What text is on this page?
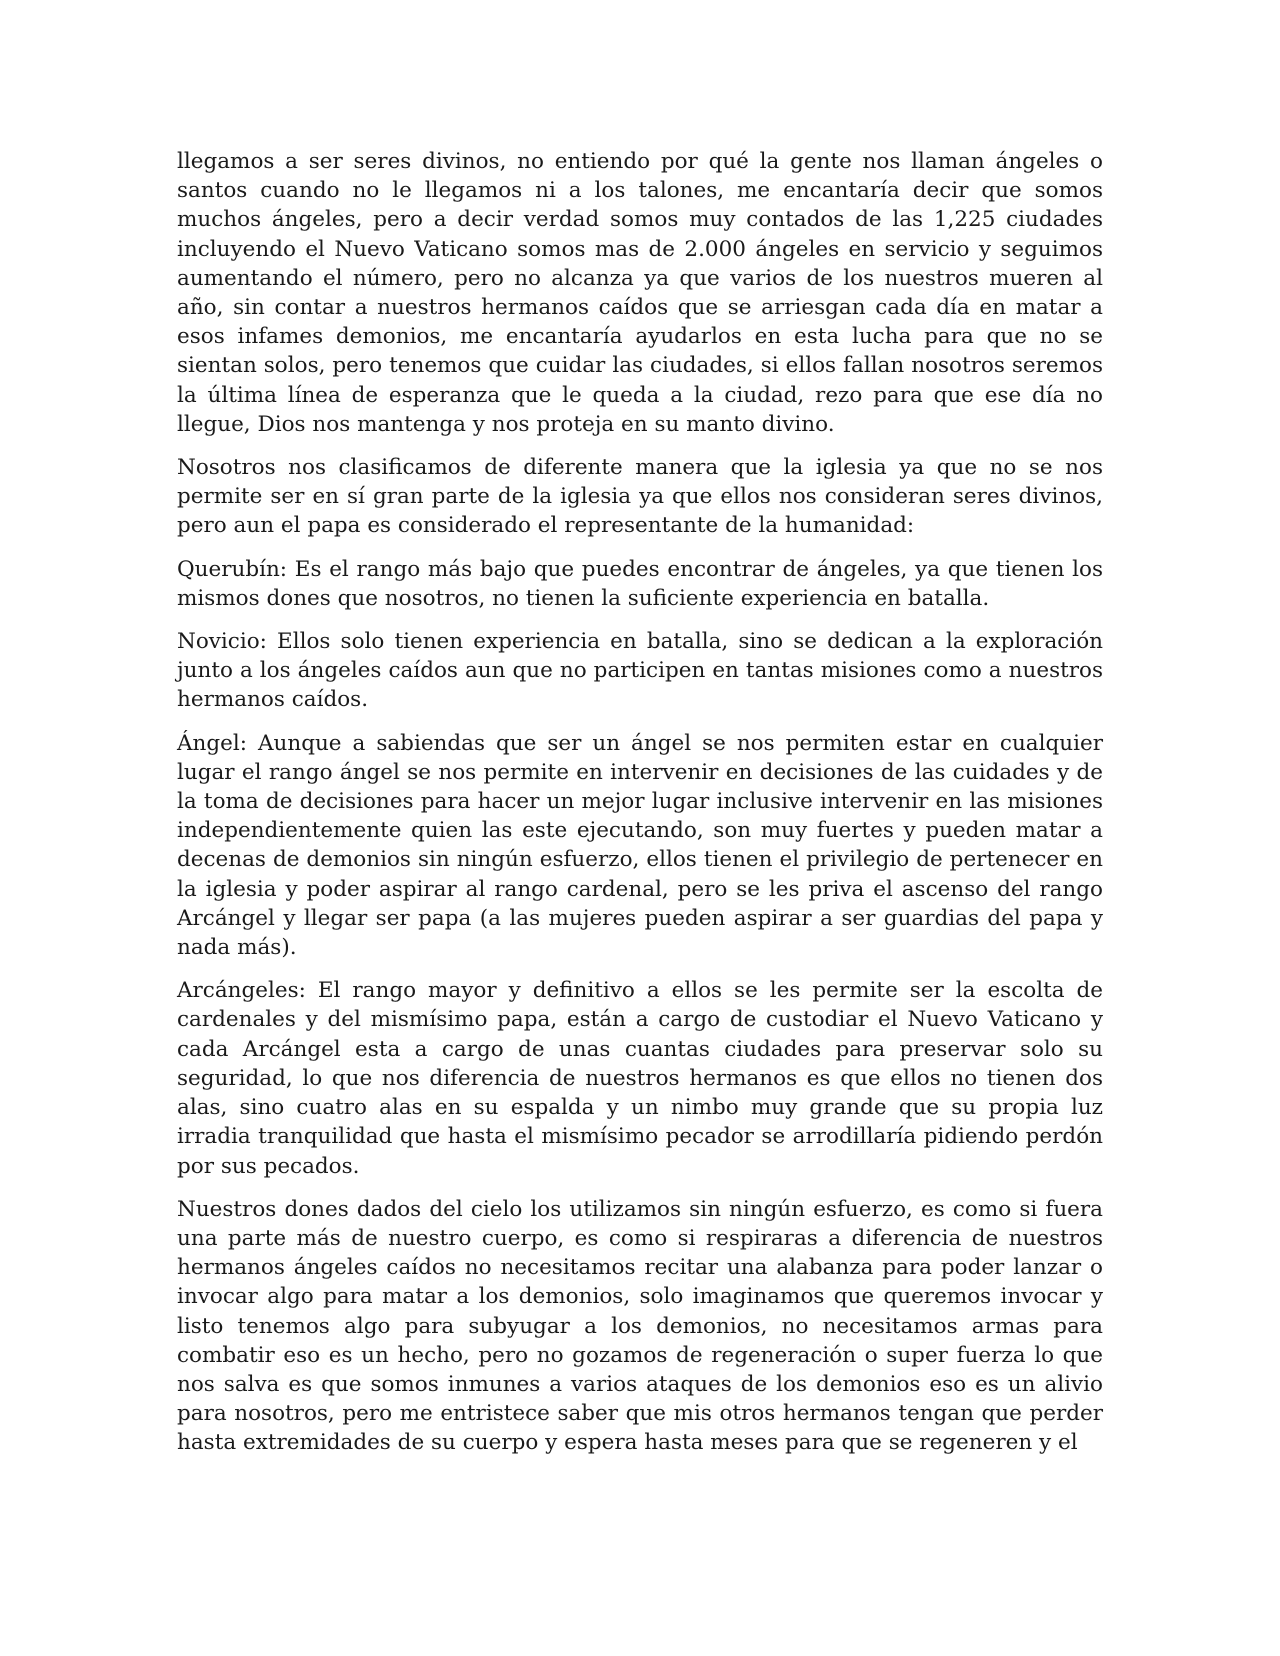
llegamos a ser seres divinos, no entiendo por qué la gente nos llaman ángeles o santos cuando no le llegamos ni a los talones, me encantaría decir que somos muchos ángeles, pero a decir verdad somos muy contados de las 1,225 ciudades incluyendo el Nuevo Vaticano somos mas de 2.000 ángeles en servicio y seguimos aumentando el número, pero no alcanza ya que varios de los nuestros mueren al año, sin contar a nuestros hermanos caídos que se arriesgan cada día en matar a esos infames demonios, me encantaría ayudarlos en esta lucha para que no se sientan solos, pero tenemos que cuidar las ciudades, si ellos fallan nosotros seremos la última línea de esperanza que le queda a la ciudad, rezo para que ese día no llegue, Dios nos mantenga y nos proteja en su manto divino.

Nosotros nos clasificamos de diferente manera que la iglesia ya que no se nos permite ser en sí gran parte de la iglesia ya que ellos nos consideran seres divinos, pero aun el papa es considerado el representante de la humanidad:

Querubín: Es el rango más bajo que puedes encontrar de ángeles, ya que tienen los mismos dones que nosotros, no tienen la suficiente experiencia en batalla.

Novicio: Ellos solo tienen experiencia en batalla, sino se dedican a la exploración junto a los ángeles caídos aun que no participen en tantas misiones como a nuestros hermanos caídos.

Ángel: Aunque a sabiendas que ser un ángel se nos permiten estar en cualquier lugar el rango ángel se nos permite en intervenir en decisiones de las cuidades y de la toma de decisiones para hacer un mejor lugar inclusive intervenir en las misiones independientemente quien las este ejecutando, son muy fuertes y pueden matar a decenas de demonios sin ningún esfuerzo, ellos tienen el privilegio de pertenecer en la iglesia y poder aspirar al rango cardenal, pero se les priva el ascenso del rango Arcángel y llegar ser papa (a las mujeres pueden aspirar a ser guardias del papa y nada más).

Arcángeles: El rango mayor y definitivo a ellos se les permite ser la escolta de cardenales y del mismísimo papa, están a cargo de custodiar el Nuevo Vaticano y cada Arcángel esta a cargo de unas cuantas ciudades para preservar solo su seguridad, lo que nos diferencia de nuestros hermanos es que ellos no tienen dos alas, sino cuatro alas en su espalda y un nimbo muy grande que su propia luz irradia tranquilidad que hasta el mismísimo pecador se arrodillaría pidiendo perdón por sus pecados.

Nuestros dones dados del cielo los utilizamos sin ningún esfuerzo, es como si fuera una parte más de nuestro cuerpo, es como si respiraras a diferencia de nuestros hermanos ángeles caídos no necesitamos recitar una alabanza para poder lanzar o invocar algo para matar a los demonios, solo imaginamos que queremos invocar y listo tenemos algo para subyugar a los demonios, no necesitamos armas para combatir eso es un hecho, pero no gozamos de regeneración o super fuerza lo que nos salva es que somos inmunes a varios ataques de los demonios eso es un alivio para nosotros, pero me entristece saber que mis otros hermanos tengan que perder hasta extremidades de su cuerpo y espera hasta meses para que se regeneren y el
